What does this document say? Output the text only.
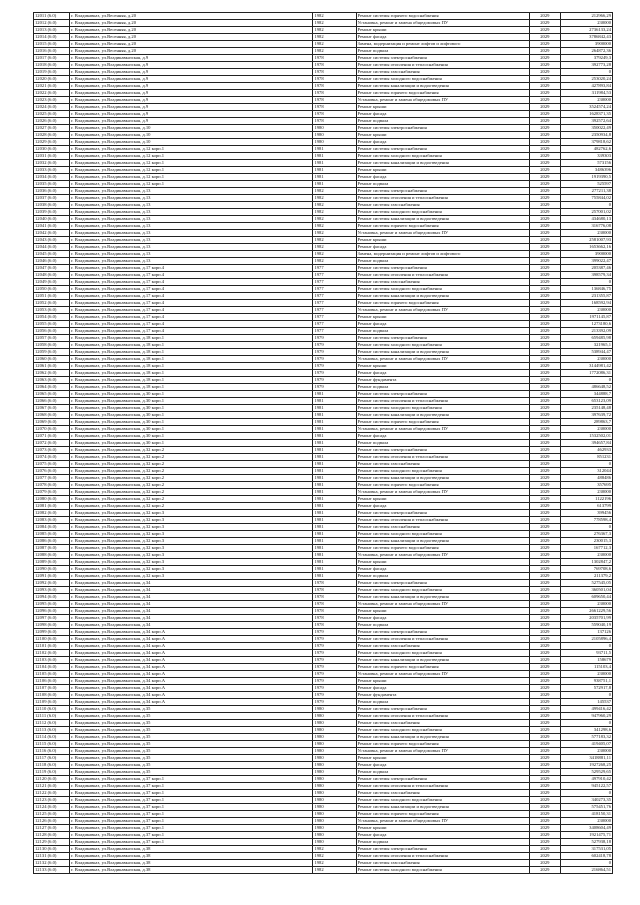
12011 (6.0)	г. Владикавказ, ул.Весенняя, д.20	1982	Ремонт системы горячего водоснабжения	2029	212966,29
12012 (6.0)	г. Владикавказ, ул.Весенняя, д.20	1982	Установка, ремонт и замена общедомовых ПУ	2029	230000
12013 (6.0)	г. Владикавказ, ул.Весенняя, д.20	1982	Ремонт крыши	2029	2736133,24
12014 (6.0)	г. Владикавказ, ул.Весенняя, д.20	1982	Ремонт фасада	2029	3786842,43
12015 (6.0)	г. Владикавказ, ул.Весенняя, д.20	1982	Замена, модернизация и ремонт лифтов и лифтового	2029	3900000
12016 (6.0)	г. Владикавказ, ул.Весенняя, д.20	1982	Ремонт подвала	2029	264872,36
12017 (6.0)	г. Владикавказ, ул.Владикавказская, д.9	1978	Ремонт системы электроснабжения	2029	379249,3
12018 (6.0)	г. Владикавказ, ул.Владикавказская, д.9	1978	Ремонт системы отопления и теплоснабжения	2029	392773,28
12019 (6.0)	г. Владикавказ, ул.Владикавказская, д.9	1978	Ремонт системы газоснабжения	2029	0
12020 (6.0)	г. Владикавказ, ул.Владикавказская, д.9	1978	Ремонт системы холодного водоснабжения	2029	253020,24
12021 (6.0)	г. Владикавказ, ул.Владикавказская, д.9	1978	Ремонт системы канализации и водоотведения	2029	427893,84
12022 (6.0)	г. Владикавказ, ул.Владикавказская, д.9	1978	Ремонт системы горячего водоснабжения	2029	311984,53
12023 (6.0)	г. Владикавказ, ул.Владикавказская, д.9	1978	Установка, ремонт и замена общедомовых ПУ	2029	230000
12024 (6.0)	г. Владикавказ, ул.Владикавказская, д.9	1978	Ремонт крыши	2029	3524574,24
12025 (6.0)	г. Владикавказ, ул.Владикавказская, д.9	1978	Ремонт фасада	2029	1628371,35
12026 (6.0)	г. Владикавказ, ул.Владикавказская, д.9	1978	Ремонт подвала	2029	392572,64
12027 (6.0)	г. Владикавказ, ул.Владикавказская, д.10	1980	Ремонт системы электроснабжения	2029	350022,49
12028 (6.0)	г. Владикавказ, ул.Владикавказская, д.10	1980	Ремонт крыши	2029	2350934,8
12029 (6.0)	г. Владикавказ, ул.Владикавказская, д.10	1980	Ремонт фасада	2029	379818,62
12030 (6.0)	г. Владикавказ, ул.Владикавказская, д.12 корп.1	1981	Ремонт системы электроснабжения	2029	482762,6
12031 (6.0)	г. Владикавказ, ул.Владикавказская, д.12 корп.1	1981	Ремонт системы холодного водоснабжения	2029	339303
12032 (6.0)	г. Владикавказ, ул.Владикавказская, д.12 корп.1	1981	Ремонт системы канализации и водоотведения	2029	573156
12033 (6.0)	г. Владикавказ, ул.Владикавказская, д.12 корп.1	1981	Ремонт крыши	2029	3486396
12034 (6.0)	г. Владикавказ, ул.Владикавказская, д.12 корп.1	1981	Ремонт фасада	2029	1919390,5
12035 (6.0)	г. Владикавказ, ул.Владикавказская, д.12 корп.1	1981	Ремонт подвала	2029	525597
12036 (6.0)	г. Владикавказ, ул.Владикавказская, д.13	1982	Ремонт системы электроснабжения	2029	277211,38
12037 (6.0)	г. Владикавказ, ул.Владикавказская, д.13	1982	Ремонт системы отопления и теплоснабжения	2029	755844,02
12038 (6.0)	г. Владикавказ, ул.Владикавказская, д.13	1982	Ремонт системы газоснабжения	2029	0
12039 (6.0)	г. Владикавказ, ул.Владикавказская, д.13	1982	Ремонт системы холодного водоснабжения	2029	257001,02
12040 (6.0)	г. Владикавказ, ул.Владикавказская, д.13	1982	Ремонт системы канализации и водоотведения	2029	434680,13
12041 (6.0)	г. Владикавказ, ул.Владикавказская, д.13	1982	Ремонт системы горячего водоснабжения	2029	316776,08
12042 (6.0)	г. Владикавказ, ул.Владикавказская, д.13	1982	Установка, ремонт и замена общедомовых ПУ	2029	230000
12043 (6.0)	г. Владикавказ, ул.Владикавказская, д.13	1982	Ремонт крыши	2029	2581007,93
12044 (6.0)	г. Владикавказ, ул.Владикавказская, д.13	1982	Ремонт фасада	2029	1653662,16
12045 (6.0)	г. Владикавказ, ул.Владикавказская, д.13	1982	Замена, модернизация и ремонт лифтов и лифтового	2029	3900000
12046 (6.0)	г. Владикавказ, ул.Владикавказская, д.13	1982	Ремонт подвала	2029	399022,47
12047 (6.0)	г. Владикавказ, ул.Владикавказская, д.17 корп.4	1977	Ремонт системы электроснабжения	2029	205387,46
12048 (6.0)	г. Владикавказ, ул.Владикавказская, д.17 корп.4	1977	Ремонт системы отопления и теплоснабжения	2029	398579,34
12049 (6.0)	г. Владикавказ, ул.Владикавказская, д.17 корп.4	1977	Ремонт системы газоснабжения	2029	0
12050 (6.0)	г. Владикавказ, ул.Владикавказская, д.17 корп.4	1977	Ремонт системы холодного водоснабжения	2029	136846,75
12051 (6.0)	г. Владикавказ, ул.Владикавказская, д.17 корп.4	1977	Ремонт системы канализации и водоотведения	2029	231355,87
12052 (6.0)	г. Владикавказ, ул.Владикавказская, д.17 корп.4	1977	Ремонт системы горячего водоснабжения	2029	168592,94
12053 (6.0)	г. Владикавказ, ул.Владикавказская, д.17 корп.4	1977	Установка, ремонт и замена общедомовых ПУ	2029	230000
12054 (6.0)	г. Владикавказ, ул.Владикавказская, д.17 корп.4	1977	Ремонт крыши	2029	1971145,87
12055 (6.0)	г. Владикавказ, ул.Владикавказская, д.17 корп.4	1977	Ремонт фасада	2029	1273180,6
12056 (6.0)	г. Владикавказ, ул.Владикавказская, д.17 корп.4	1977	Ремонт подвала	2029	213392,09
12057 (6.0)	г. Владикавказ, ул.Владикавказская, д.18 корп.1	1979	Ремонт системы электроснабжения	2029	659485,98
12058 (6.0)	г. Владикавказ, ул.Владикавказская, д.18 корп.1	1979	Ремонт системы холодного водоснабжения	2029	321965,1
12059 (6.0)	г. Владикавказ, ул.Владикавказская, д.18 корп.1	1979	Ремонт системы канализации и водоотведения	2029	538944,47
12060 (6.0)	г. Владикавказ, ул.Владикавказская, д.18 корп.1	1979	Установка, ремонт и замена общедомовых ПУ	2029	230000
12061 (6.0)	г. Владикавказ, ул.Владикавказская, д.18 корп.1	1979	Ремонт крыши	2029	3144981,42
12062 (6.0)	г. Владикавказ, ул.Владикавказская, д.18 корп.1	1979	Ремонт фасада	2029	1772086,31
12063 (6.0)	г. Владикавказ, ул.Владикавказская, д.18 корп.1	1979	Ремонт фундамента	2029	0
12064 (6.0)	г. Владикавказ, ул.Владикавказская, д.18 корп.1	1979	Ремонт подвала	2029	486648,52
12065 (6.0)	г. Владикавказ, ул.Владикавказская, д.30 корп.1	1981	Ремонт системы электроснабжения	2029	344888,7
12066 (6.0)	г. Владикавказ, ул.Владикавказская, д.30 корп.1	1981	Ремонт системы отопления и теплоснабжения	2029	653123,09
12067 (6.0)	г. Владикавказ, ул.Владикавказская, д.30 корп.1	1981	Ремонт системы холодного водоснабжения	2029	235148,48
12068 (6.0)	г. Владикавказ, ул.Владикавказская, д.30 корп.1	1981	Ремонт системы канализации и водоотведения	2029	397639,72
12069 (6.0)	г. Владикавказ, ул.Владикавказская, д.30 корп.1	1981	Ремонт системы горячего водоснабжения	2029	289863,7
12070 (6.0)	г. Владикавказ, ул.Владикавказская, д.30 корп.1	1981	Установка, ремонт и замена общедомовых ПУ	2029	230000
12071 (6.0)	г. Владикавказ, ул.Владикавказская, д.30 корп.1	1981	Ремонт фасада	2029	1532502,01
12072 (6.0)	г. Владикавказ, ул.Владикавказская, д.30 корп.1	1981	Ремонт подвала	2029	394657,84
12073 (6.0)	г. Владикавказ, ул.Владикавказская, д.32 корп.2	1981	Ремонт системы электроснабжения	2029	462933
12074 (6.0)	г. Владикавказ, ул.Владикавказская, д.32 корп.2	1981	Ремонт системы отопления и теплоснабжения	2029	851231
12075 (6.0)	г. Владикавказ, ул.Владикавказская, д.32 корп.2	1981	Ремонт системы газоснабжения	2029	0
12076 (6.0)	г. Владикавказ, ул.Владикавказская, д.32 корп.2	1981	Ремонт системы холодного водоснабжения	2029	312044
12077 (6.0)	г. Владикавказ, ул.Владикавказская, д.32 корп.2	1981	Ремонт системы канализации и водоотведения	2029	488486
12078 (6.0)	г. Владикавказ, ул.Владикавказская, д.32 корп.2	1981	Ремонт системы горячего водоснабжения	2029	357695
12079 (6.0)	г. Владикавказ, ул.Владикавказская, д.32 корп.2	1981	Установка, ремонт и замена общедомовых ПУ	2029	230000
12080 (6.0)	г. Владикавказ, ул.Владикавказская, д.32 корп.2	1981	Ремонт крыши	2029	1122196
12081 (6.0)	г. Владикавказ, ул.Владикавказская, д.32 корп.2	1981	Ремонт фасада	2029	613799
12082 (6.0)	г. Владикавказ, ул.Владикавказская, д.32 корп.3	1981	Ремонт системы электроснабжения	2029	399456
12083 (6.0)	г. Владикавказ, ул.Владикавказская, д.32 корп.3	1981	Ремонт системы отопления и теплоснабжения	2029	778598,4
12084 (6.0)	г. Владикавказ, ул.Владикавказская, д.32 корп.3	1981	Ремонт системы газоснабжения	2029	0
12085 (6.0)	г. Владикавказ, ул.Владикавказская, д.32 корп.3	1981	Ремонт системы холодного водоснабжения	2029	276367,3
12086 (6.0)	г. Владикавказ, ул.Владикавказская, д.32 корп.3	1981	Ремонт системы канализации и водоотведения	2029	230015,3
12087 (6.0)	г. Владикавказ, ул.Владикавказская, д.32 корп.3	1981	Ремонт системы горячего водоснабжения	2029	167712,3
12088 (6.0)	г. Владикавказ, ул.Владикавказская, д.32 корп.3	1981	Установка, ремонт и замена общедомовых ПУ	2029	230000
12089 (6.0)	г. Владикавказ, ул.Владикавказская, д.32 корп.3	1981	Ремонт крыши	2029	1302847,2
12090 (6.0)	г. Владикавказ, ул.Владикавказская, д.32 корп.3	1981	Ремонт фасада	2029	769708,6
12091 (6.0)	г. Владикавказ, ул.Владикавказская, д.32 корп.3	1981	Ремонт подвала	2029	211379,2
12092 (6.0)	г. Владикавказ, ул.Владикавказская, д.34	1978	Ремонт системы электроснабжения	2029	527545,05
12093 (6.0)	г. Владикавказ, ул.Владикавказская, д.34	1978	Ремонт системы холодного водоснабжения	2029	360501,04
12094 (6.0)	г. Владикавказ, ул.Владикавказская, д.34	1978	Ремонт системы канализации и водоотведения	2029	609650,44
12095 (6.0)	г. Владикавказ, ул.Владикавказская, д.34	1978	Установка, ремонт и замена общедомовых ПУ	2029	230000
12096 (6.0)	г. Владикавказ, ул.Владикавказская, д.34	1978	Ремонт крыши	2029	2661229,56
12097 (6.0)	г. Владикавказ, ул.Владикавказская, д.34	1978	Ремонт фасада	2029	2035701,99
12098 (6.0)	г. Владикавказ, ул.Владикавказская, д.34	1978	Ремонт подвала	2029	559040,19
12099 (6.0)	г. Владикавказ, ул.Владикавказская, д.34 корп.А	1979	Ремонт системы электроснабжения	2029	137126
12100 (6.0)	г. Владикавказ, ул.Владикавказская, д.34 корп.А	1979	Ремонт системы отопления и теплоснабжения	2029	2105896,4
12101 (6.0)	г. Владикавказ, ул.Владикавказская, д.34 корп.А	1979	Ремонт системы газоснабжения	2029	0
12102 (6.0)	г. Владикавказ, ул.Владикавказская, д.34 корп.А	1979	Ремонт системы холодного водоснабжения	2029	93711,5
12103 (6.0)	г. Владикавказ, ул.Владикавказская, д.34 корп.А	1979	Ремонт системы канализации и водоотведения	2029	158679
12104 (6.0)	г. Владикавказ, ул.Владикавказская, д.34 корп.А	1979	Ремонт системы горячего водоснабжения	2029	115103,4
12105 (6.0)	г. Владикавказ, ул.Владикавказская, д.34 корп.А	1979	Установка, ремонт и замена общедомовых ПУ	2029	230000
12106 (6.0)	г. Владикавказ, ул.Владикавказская, д.34 корп.А	1979	Ремонт крыши	2029	938751,1
12107 (6.0)	г. Владикавказ, ул.Владикавказская, д.34 корп.А	1979	Ремонт фасада	2029	572917,8
12108 (6.0)	г. Владикавказ, ул.Владикавказская, д.34 корп.А	1979	Ремонт фундамента	2029	0
12109 (6.0)	г. Владикавказ, ул.Владикавказская, д.34 корп.А	1979	Ремонт подвала	2029	145537
12110 (6.0)	г. Владикавказ, ул.Владикавказская, д.35	1980	Ремонт системы электроснабжения	2029	499416,42
12111 (6.0)	г. Владикавказ, ул.Владикавказская, д.35	1980	Ремонт системы отопления и теплоснабжения	2029	947960,29
12112 (6.0)	г. Владикавказ, ул.Владикавказская, д.35	1980	Ремонт системы газоснабжения	2029	0
12113 (6.0)	г. Владикавказ, ул.Владикавказская, д.35	1980	Ремонт системы холодного водоснабжения	2029	341298,6
12114 (6.0)	г. Владикавказ, ул.Владикавказская, д.35	1980	Ремонт системы канализации и водоотведения	2029	577183,32
12115 (6.0)	г. Владикавказ, ул.Владикавказская, д.35	1980	Ремонт системы горячего водоснабжения	2029	419405,07
12116 (6.0)	г. Владикавказ, ул.Владикавказская, д.35	1980	Установка, ремонт и замена общедомовых ПУ	2029	230000
12117 (6.0)	г. Владикавказ, ул.Владикавказская, д.35	1980	Ремонт крыши	2029	3418881,11
12118 (6.0)	г. Владикавказ, ул.Владикавказская, д.35	1980	Ремонт фасада	2029	1927268,25
12119 (6.0)	г. Владикавказ, ул.Владикавказская, д.35	1980	Ремонт подвала	2029	529529,65
12120 (6.0)	г. Владикавказ, ул.Владикавказская, д.37 корп.1	1980	Ремонт системы электроснабжения	2029	497910,42
12121 (6.0)	г. Владикавказ, ул.Владикавказская, д.37 корп.1	1980	Ремонт системы отопления и теплоснабжения	2029	945122,57
12122 (6.0)	г. Владикавказ, ул.Владикавказская, д.37 корп.1	1980	Ремонт системы газоснабжения	2029	0
12123 (6.0)	г. Владикавказ, ул.Владикавказская, д.37 корп.1	1980	Ремонт системы холодного водоснабжения	2029	340273,35
12124 (6.0)	г. Владикавказ, ул.Владикавказская, д.37 корп.1	1980	Ремонт системы канализации и водоотведения	2029	575451,76
12125 (6.0)	г. Владикавказ, ул.Владикавказская, д.37 корп.1	1980	Ремонт системы горячего водоснабжения	2029	418150,31
12126 (6.0)	г. Владикавказ, ул.Владикавказская, д.37 корп.1	1980	Установка, ремонт и замена общедомовых ПУ	2029	230000
12127 (6.0)	г. Владикавказ, ул.Владикавказская, д.37 корп.1	1980	Ремонт крыши	2029	3408604,49
12128 (6.0)	г. Владикавказ, ул.Владикавказская, д.37 корп.1	1980	Ремонт фасада	2029	1921475,71
12129 (6.0)	г. Владикавказ, ул.Владикавказская, д.37 корп.1	1980	Ремонт подвала	2029	527938,18
12130 (6.0)	г. Владикавказ, ул.Владикавказская, д.38	1982	Ремонт системы электроснабжения	2029	317531,05
12131 (6.0)	г. Владикавказ, ул.Владикавказская, д.38	1982	Ремонт системы отопления и теплоснабжения	2029	602418,78
12132 (6.0)	г. Владикавказ, ул.Владикавказская, д.38	1982	Ремонт системы газоснабжения	2029	0
12133 (6.0)	г. Владикавказ, ул.Владикавказская, д.38	1982	Ремонт системы холодного водоснабжения	2029	216864,51
